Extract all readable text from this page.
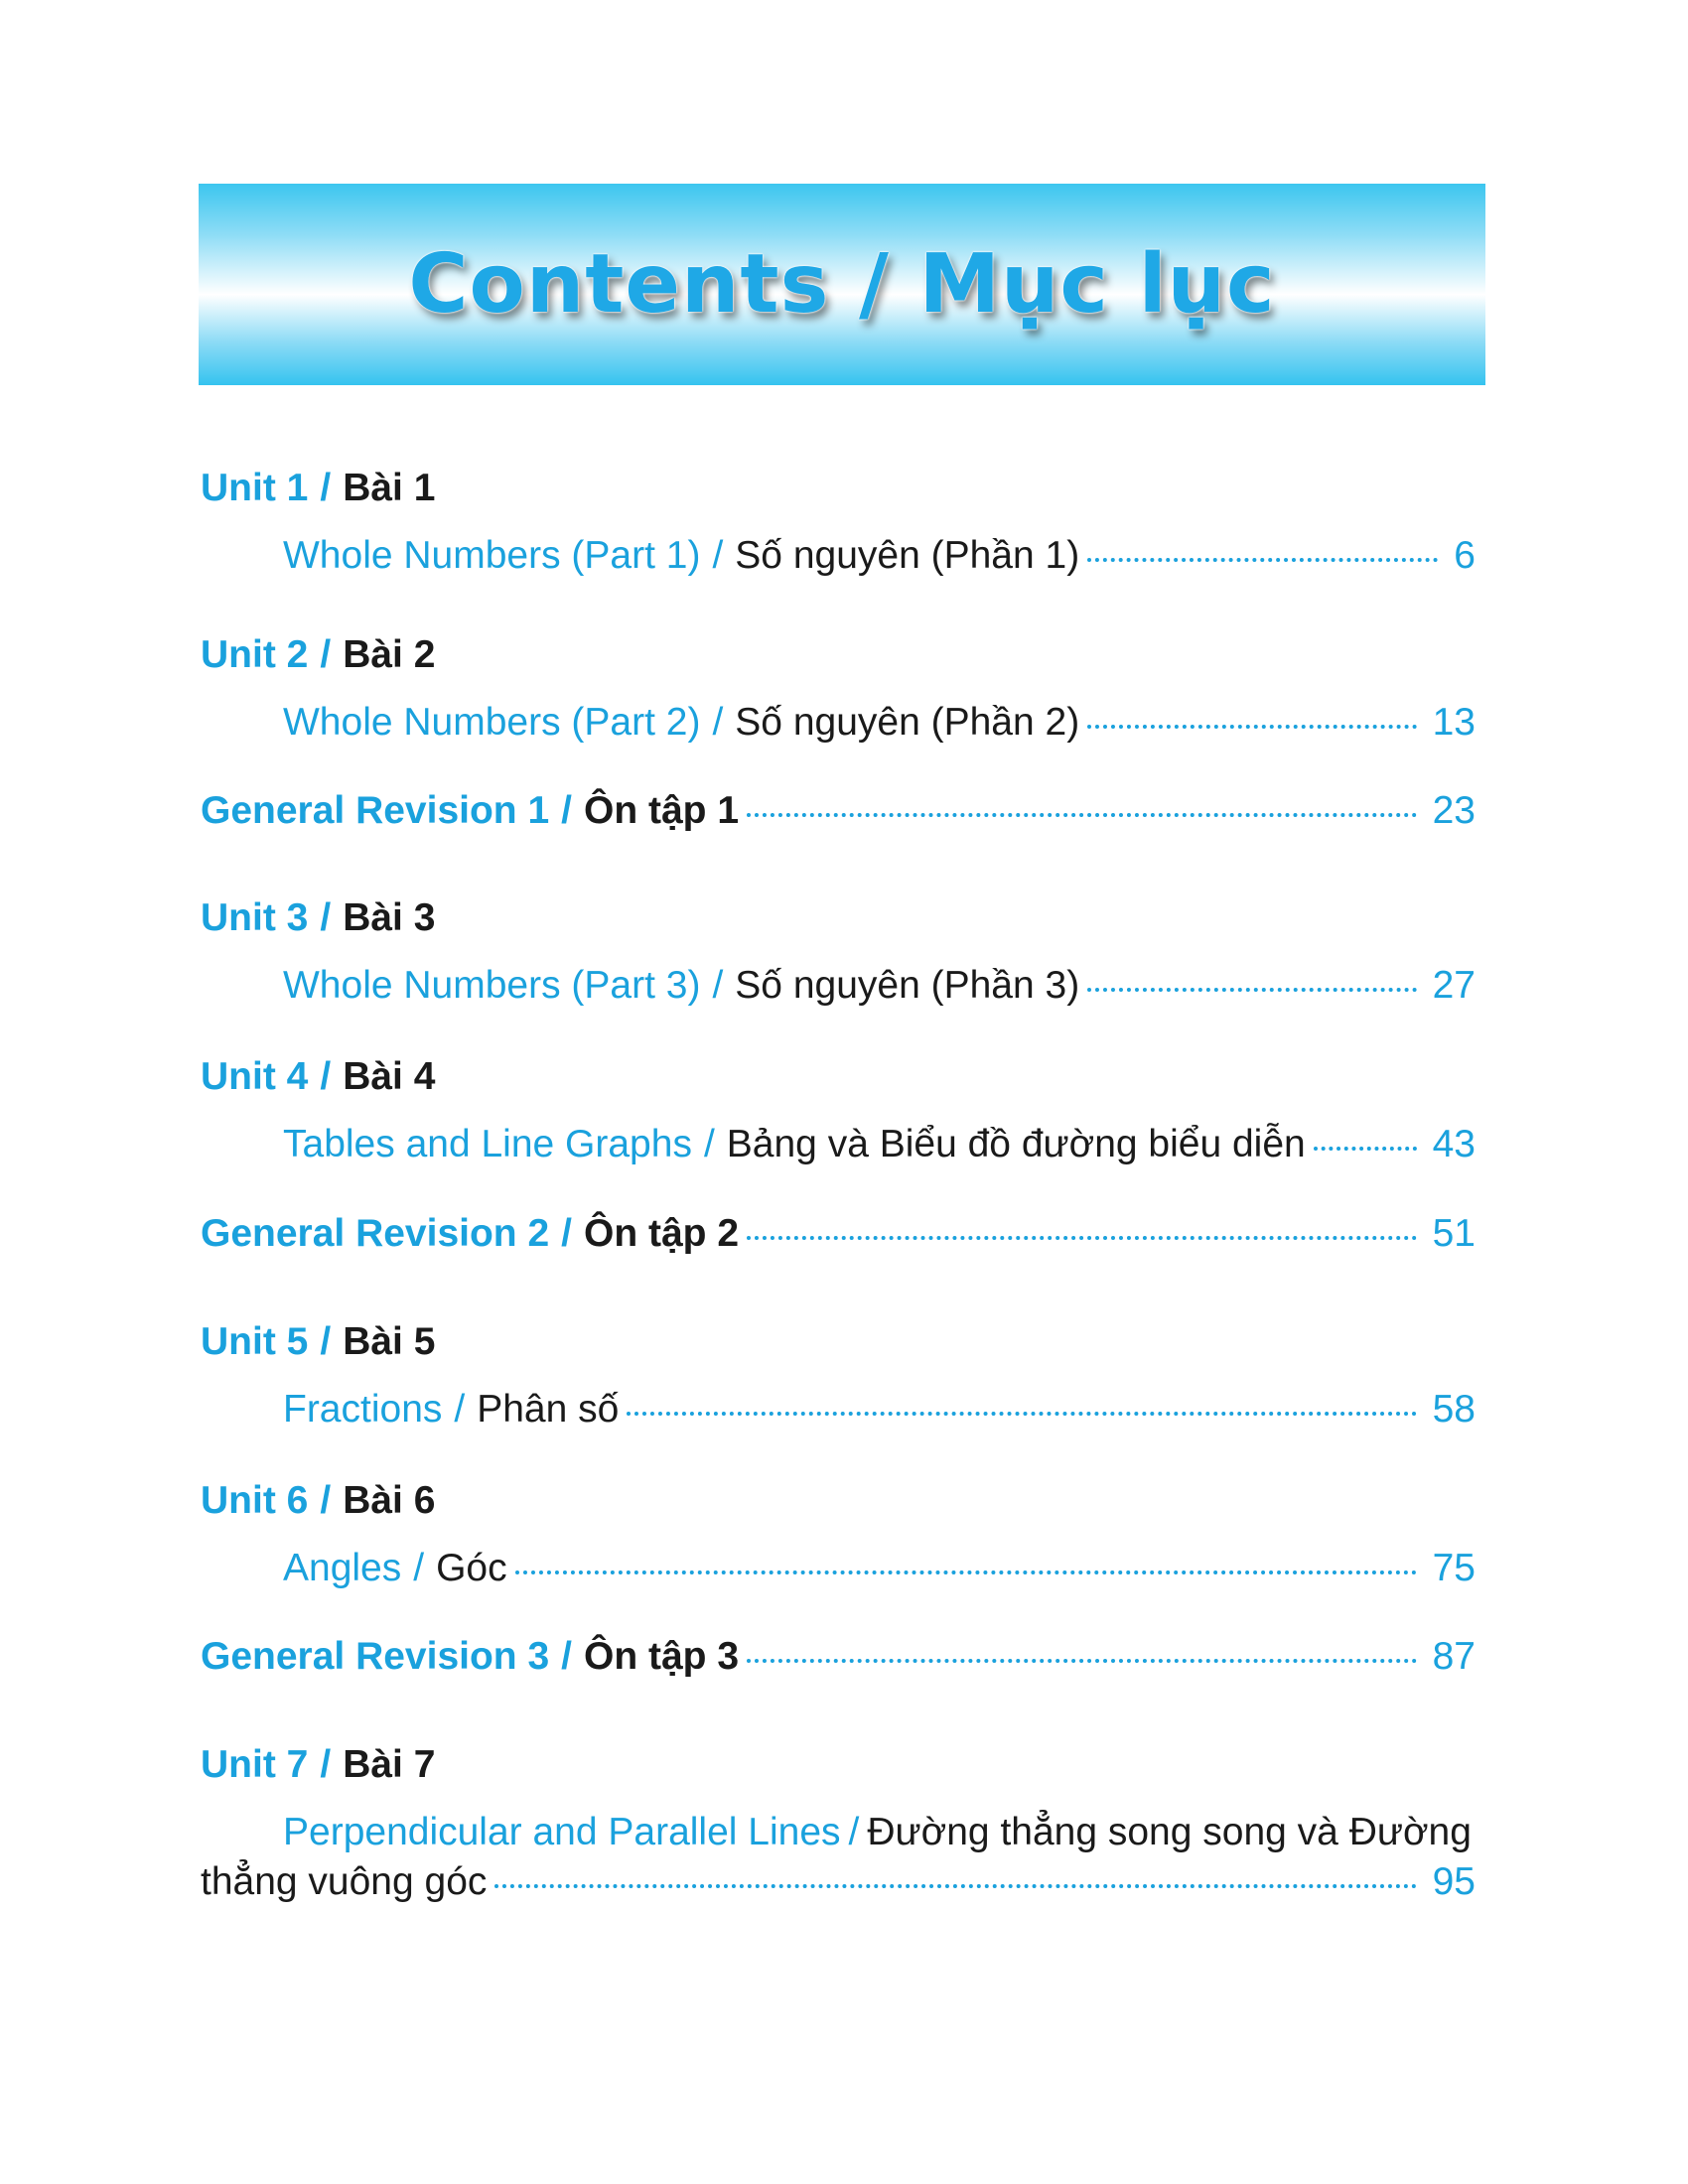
Contents / Mục lục
Unit 1 / Bài 1
Whole Numbers (Part 1) / Số nguyên (Phần 1)	6
Unit 2 / Bài 2
Whole Numbers (Part 2) / Số nguyên (Phần 2)	13
General Revision 1 / Ôn tập 1	23
Unit 3 / Bài 3
Whole Numbers (Part 3) / Số nguyên (Phần 3)	27
Unit 4 / Bài 4
Tables and Line Graphs / Bảng và Biểu đồ đường biểu diễn	43
General Revision 2 / Ôn tập 2	51
Unit 5 / Bài 5
Fractions / Phân số	58
Unit 6 / Bài 6
Angles / Góc	75
General Revision 3 / Ôn tập 3	87
Unit 7 / Bài 7
Perpendicular and Parallel Lines / Đường thẳng song song và Đường
thẳng vuông góc	95
